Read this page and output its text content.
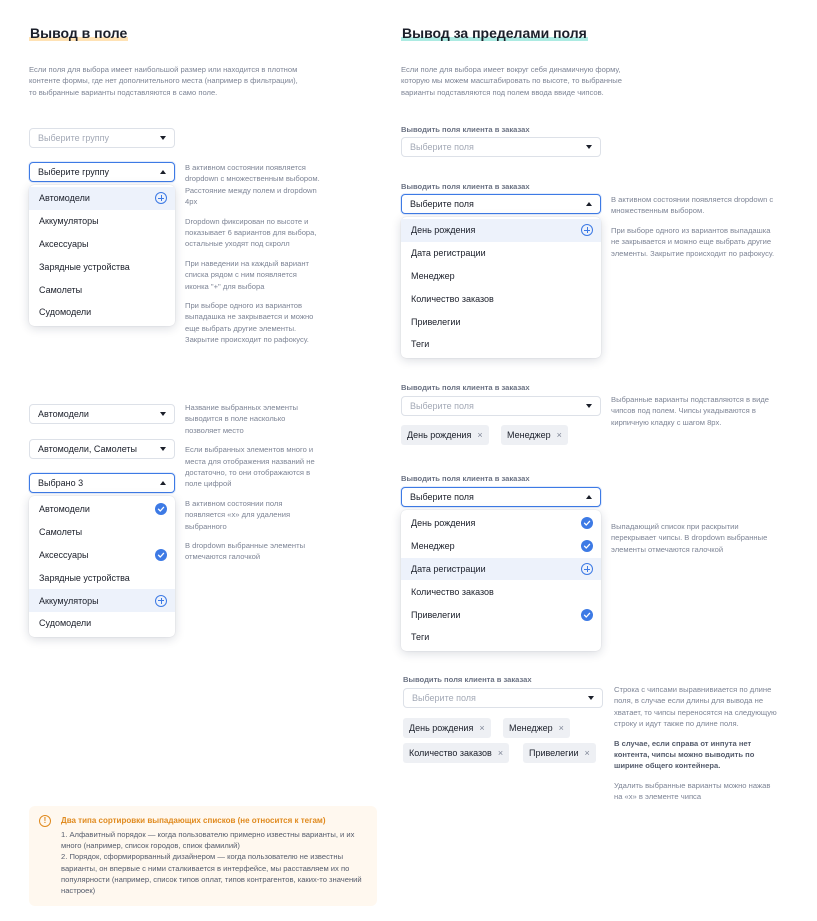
Вывод в поле
Если поля для выбора имеет наибольшой размер или находится в плотном контенте формы, где нет дополнительного места (например в фильтрации), то выбранные варианты подставляются в само поле.
Выберите группу
Выберите группу
Автомодели
Аккумуляторы
Аксессуары
Зарядные устройства
Самолеты
Судомодели

В активном состоянии появляется dropdown с множественным выбором. Расстояние между полем и dropdown 4px

Dropdown фиксирован по высоте и показывает 6 вариантов для выбора, остальные уходят под скролл

При наведении на каждый вариант списка рядом с ним появляется иконка "+" для выбора

При выборе одного из вариантов выпадашка не закрывается и можно еще выбрать другие элементы. Закрытие происходит по рафокусу.

Автомодели
Автомодели, Самолеты
Выбрано 3
Автомодели
Самолеты
Аксессуары
Зарядные устройства
Аккумуляторы
Судомодели

Название выбранных элементы выводится в поле насколько позволяет место

Если выбранных элементов много и места для отображения названий не достаточно, то они отображаются в поле цифрой

В активном состоянии поля появляется «x» для удаления выбранного

В dropdown выбранные элементы отмечаются галочкой

!	Два типа сортировки выпадающих списков (не относится к тегам)
1. Алфавитный порядок — когда пользователю примерно известны варианты, и их много (например, список городов, спиок фамилий)
2. Порядок, сформирорванный дизайнером — когда пользователю не известны варианты, он впервые с ними сталкивается в интерфейсе, мы расставляем их по популярности (например, список типов оплат, типов контрагентов, каких-то значений настроек)
Вывод за пределами поля
Если поле для выбора имеет вокруг себя динамичную форму, которую мы можем масштабировать по высоте, то выбранные варианты подставляются под полем ввода ввиде чипсов.
Выводить поля клиента в заказах
Выберите поля
Выводить поля клиента в заказах
Выберите поля
День рождения
Дата регистрации
Менеджер
Количество заказов
Привелегии
Теги

В активном состоянии появляется dropdown с множественным выбором.

При выборе одного из вариантов выпадашка не закрывается и можно еще выбрать другие элементы. Закрытие происходит по рафокусу.

Выводить поля клиента в заказах
Выберите поля
День рождения ×	Менеджер ×
Выбранные варианты подставляются в виде чипсов под полем. Чипсы укадываются в кирпичную кладку с шагом 8px.
Выводить поля клиента в заказах
Выберите поля
День рождения
Менеджер
Дата регистрации
Количество заказов
Привелегии
Теги
Выпадающий список при раскрытии перекрывает чипсы. В dropdown выбранные элементы отмечаются галочкой
Выводить поля клиента в заказах
Выберите поля
День рождения ×	Менеджер ×
Количество заказов ×	Привелегии ×

Строка с чипсами выравнивиается по длине поля, в случае если длины для вывода не хватает, то чипсы переносятся на следующую строку и идут также по длине поля.

В случае, если справа от инпута нет контента, чипсы можно выводить по ширине общего контейнера.

Удалить выбранные варианты можно нажав на «x» в элементе чипса
